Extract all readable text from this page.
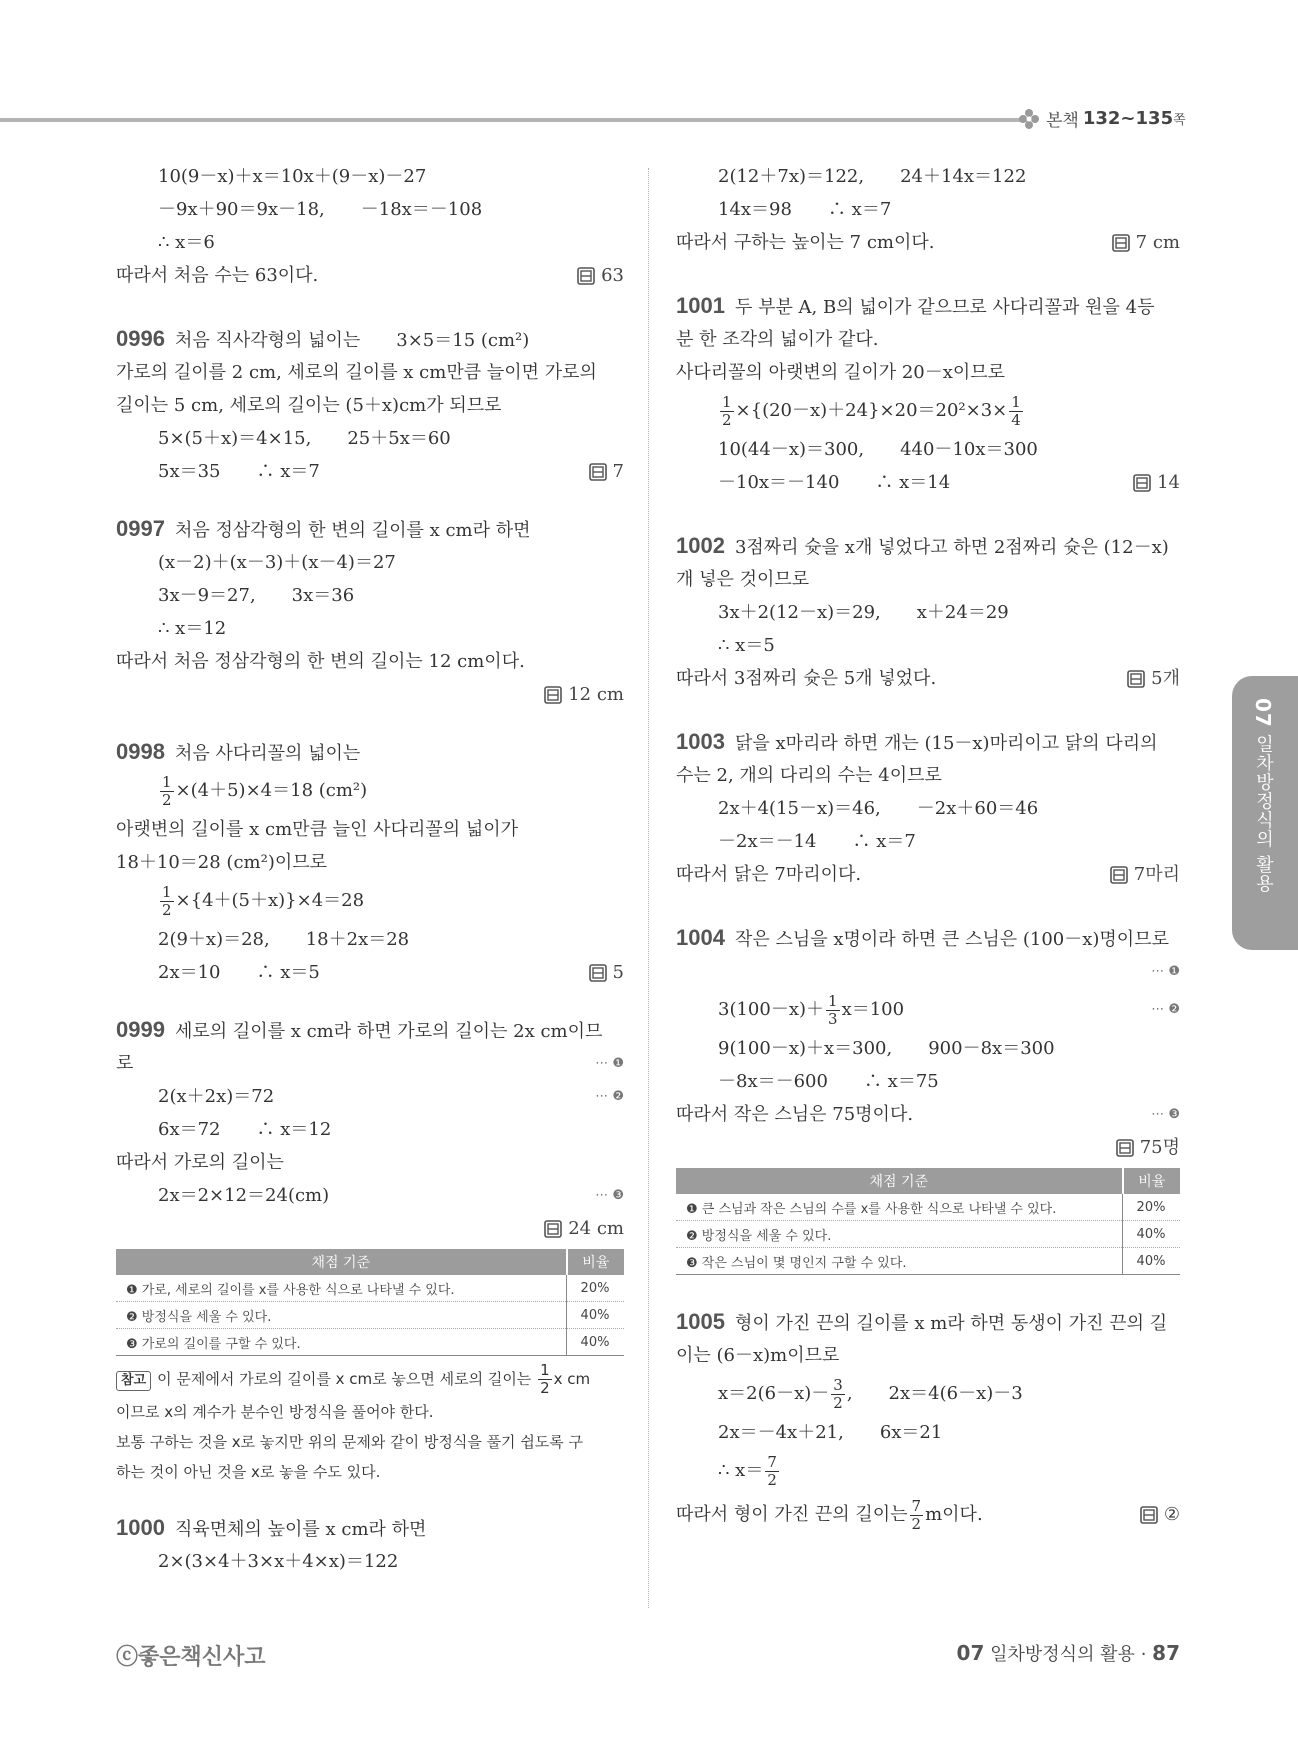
본책 132~135 쪽
10(9－x)＋x＝10x＋(9－x)－27
－9x＋90＝9x－18,　　－18x＝－108
∴ x＝6
따라서 처음 수는 63이다.	63
0996 처음 직사각형의 넓이는　　3×5＝15 (cm²)
가로의 길이를 2 cm, 세로의 길이를 x cm만큼 늘이면 가로의
길이는 5 cm, 세로의 길이는 (5＋x)cm가 되므로
5×(5＋x)＝4×15,　　25＋5x＝60
5x＝35　　∴ x＝7	7
0997 처음 정삼각형의 한 변의 길이를 x cm라 하면
(x－2)＋(x－3)＋(x－4)＝27
3x－9＝27,　　3x＝36
∴ x＝12
따라서 처음 정삼각형의 한 변의 길이는 12 cm이다.
12 cm
0998 처음 사다리꼴의 넓이는
$\frac{1}{2} \times(4+5)\times 4=18$ (cm²)
아랫변의 길이를 x cm만큼 늘인 사다리꼴의 넓이가
18＋10＝28 (cm²)이므로
$\frac{1}{2} \times\{4+(5+x)\}\times 4=28$
2(9＋x)＝28,　　18＋2x＝28
2x＝10　　∴ x＝5	5
0999 세로의 길이를 x cm라 하면 가로의 길이는 2x cm이므
로	⋯ ❶
2(x＋2x)＝72	⋯ ❷
6x＝72　　∴ x＝12
따라서 가로의 길이는
2x＝2×12＝24(cm)	⋯ ❸
24 cm
채점 기준	비율
❶ 가로, 세로의 길이를 x를 사용한 식으로 나타낼 수 있다.	20%
❷ 방정식을 세울 수 있다.	40%
❸ 가로의 길이를 구할 수 있다.	40%
참고 이 문제에서 가로의 길이를 x cm로 놓으면 세로의 길이는 $\frac{1}{2}$ x cm
이므로 x의 계수가 분수인 방정식을 풀어야 한다.
보통 구하는 것을 x로 놓지만 위의 문제와 같이 방정식을 풀기 쉽도록 구
하는 것이 아닌 것을 x로 놓을 수도 있다.
1000 직육면체의 높이를 x cm라 하면
2×(3×4＋3×x＋4×x)＝122
2(12＋7x)＝122,　　24＋14x＝122
14x＝98　　∴ x＝7
따라서 구하는 높이는 7 cm이다.	7 cm
1001 두 부분 A, B의 넓이가 같으므로 사다리꼴과 원을 4등
분 한 조각의 넓이가 같다.
사다리꼴의 아랫변의 길이가 20－x이므로
$\frac{1}{2} \times\{(20-x)+24\}\times 20=20^2\times 3\times \frac{1}{4}$
10(44－x)＝300,　　440－10x＝300
－10x＝－140　　∴ x＝14	14
1002 3점짜리 슛을 x개 넣었다고 하면 2점짜리 슛은 (12－x)
개 넣은 것이므로
3x＋2(12－x)＝29,　　x＋24＝29
∴ x＝5
따라서 3점짜리 슛은 5개 넣었다.	5개
1003 닭을 x마리라 하면 개는 (15－x)마리이고 닭의 다리의
수는 2, 개의 다리의 수는 4이므로
2x＋4(15－x)＝46,　　－2x＋60＝46
－2x＝－14　　∴ x＝7
따라서 닭은 7마리이다.	7마리
1004 작은 스님을 x명이라 하면 큰 스님은 (100－x)명이므로
⋯ ❶
$3(100-x)+ \frac{1}{3} x=100$	⋯ ❷
9(100－x)＋x＝300,　　900－8x＝300
－8x＝－600　　∴ x＝75
따라서 작은 스님은 75명이다.	⋯ ❸
75명
채점 기준	비율
❶ 큰 스님과 작은 스님의 수를 x를 사용한 식으로 나타낼 수 있다.	20%
❷ 방정식을 세울 수 있다.	40%
❸ 작은 스님이 몇 명인지 구할 수 있다.	40%
1005 형이 가진 끈의 길이를 x m라 하면 동생이 가진 끈의 길
이는 (6－x)m이므로
$x=2(6-x)- \frac{3}{2}$ ,　　2x＝4(6－x)－3
2x＝－4x＋21,　　6x＝21
∴ $x= \frac{7}{2}$
따라서 형이 가진 끈의 길이는 $\frac{7}{2}$ m이다.	②
07 일차방정식의 활용
ⓒ좋은책신사고	07 일차방정식의 활용 · 87
